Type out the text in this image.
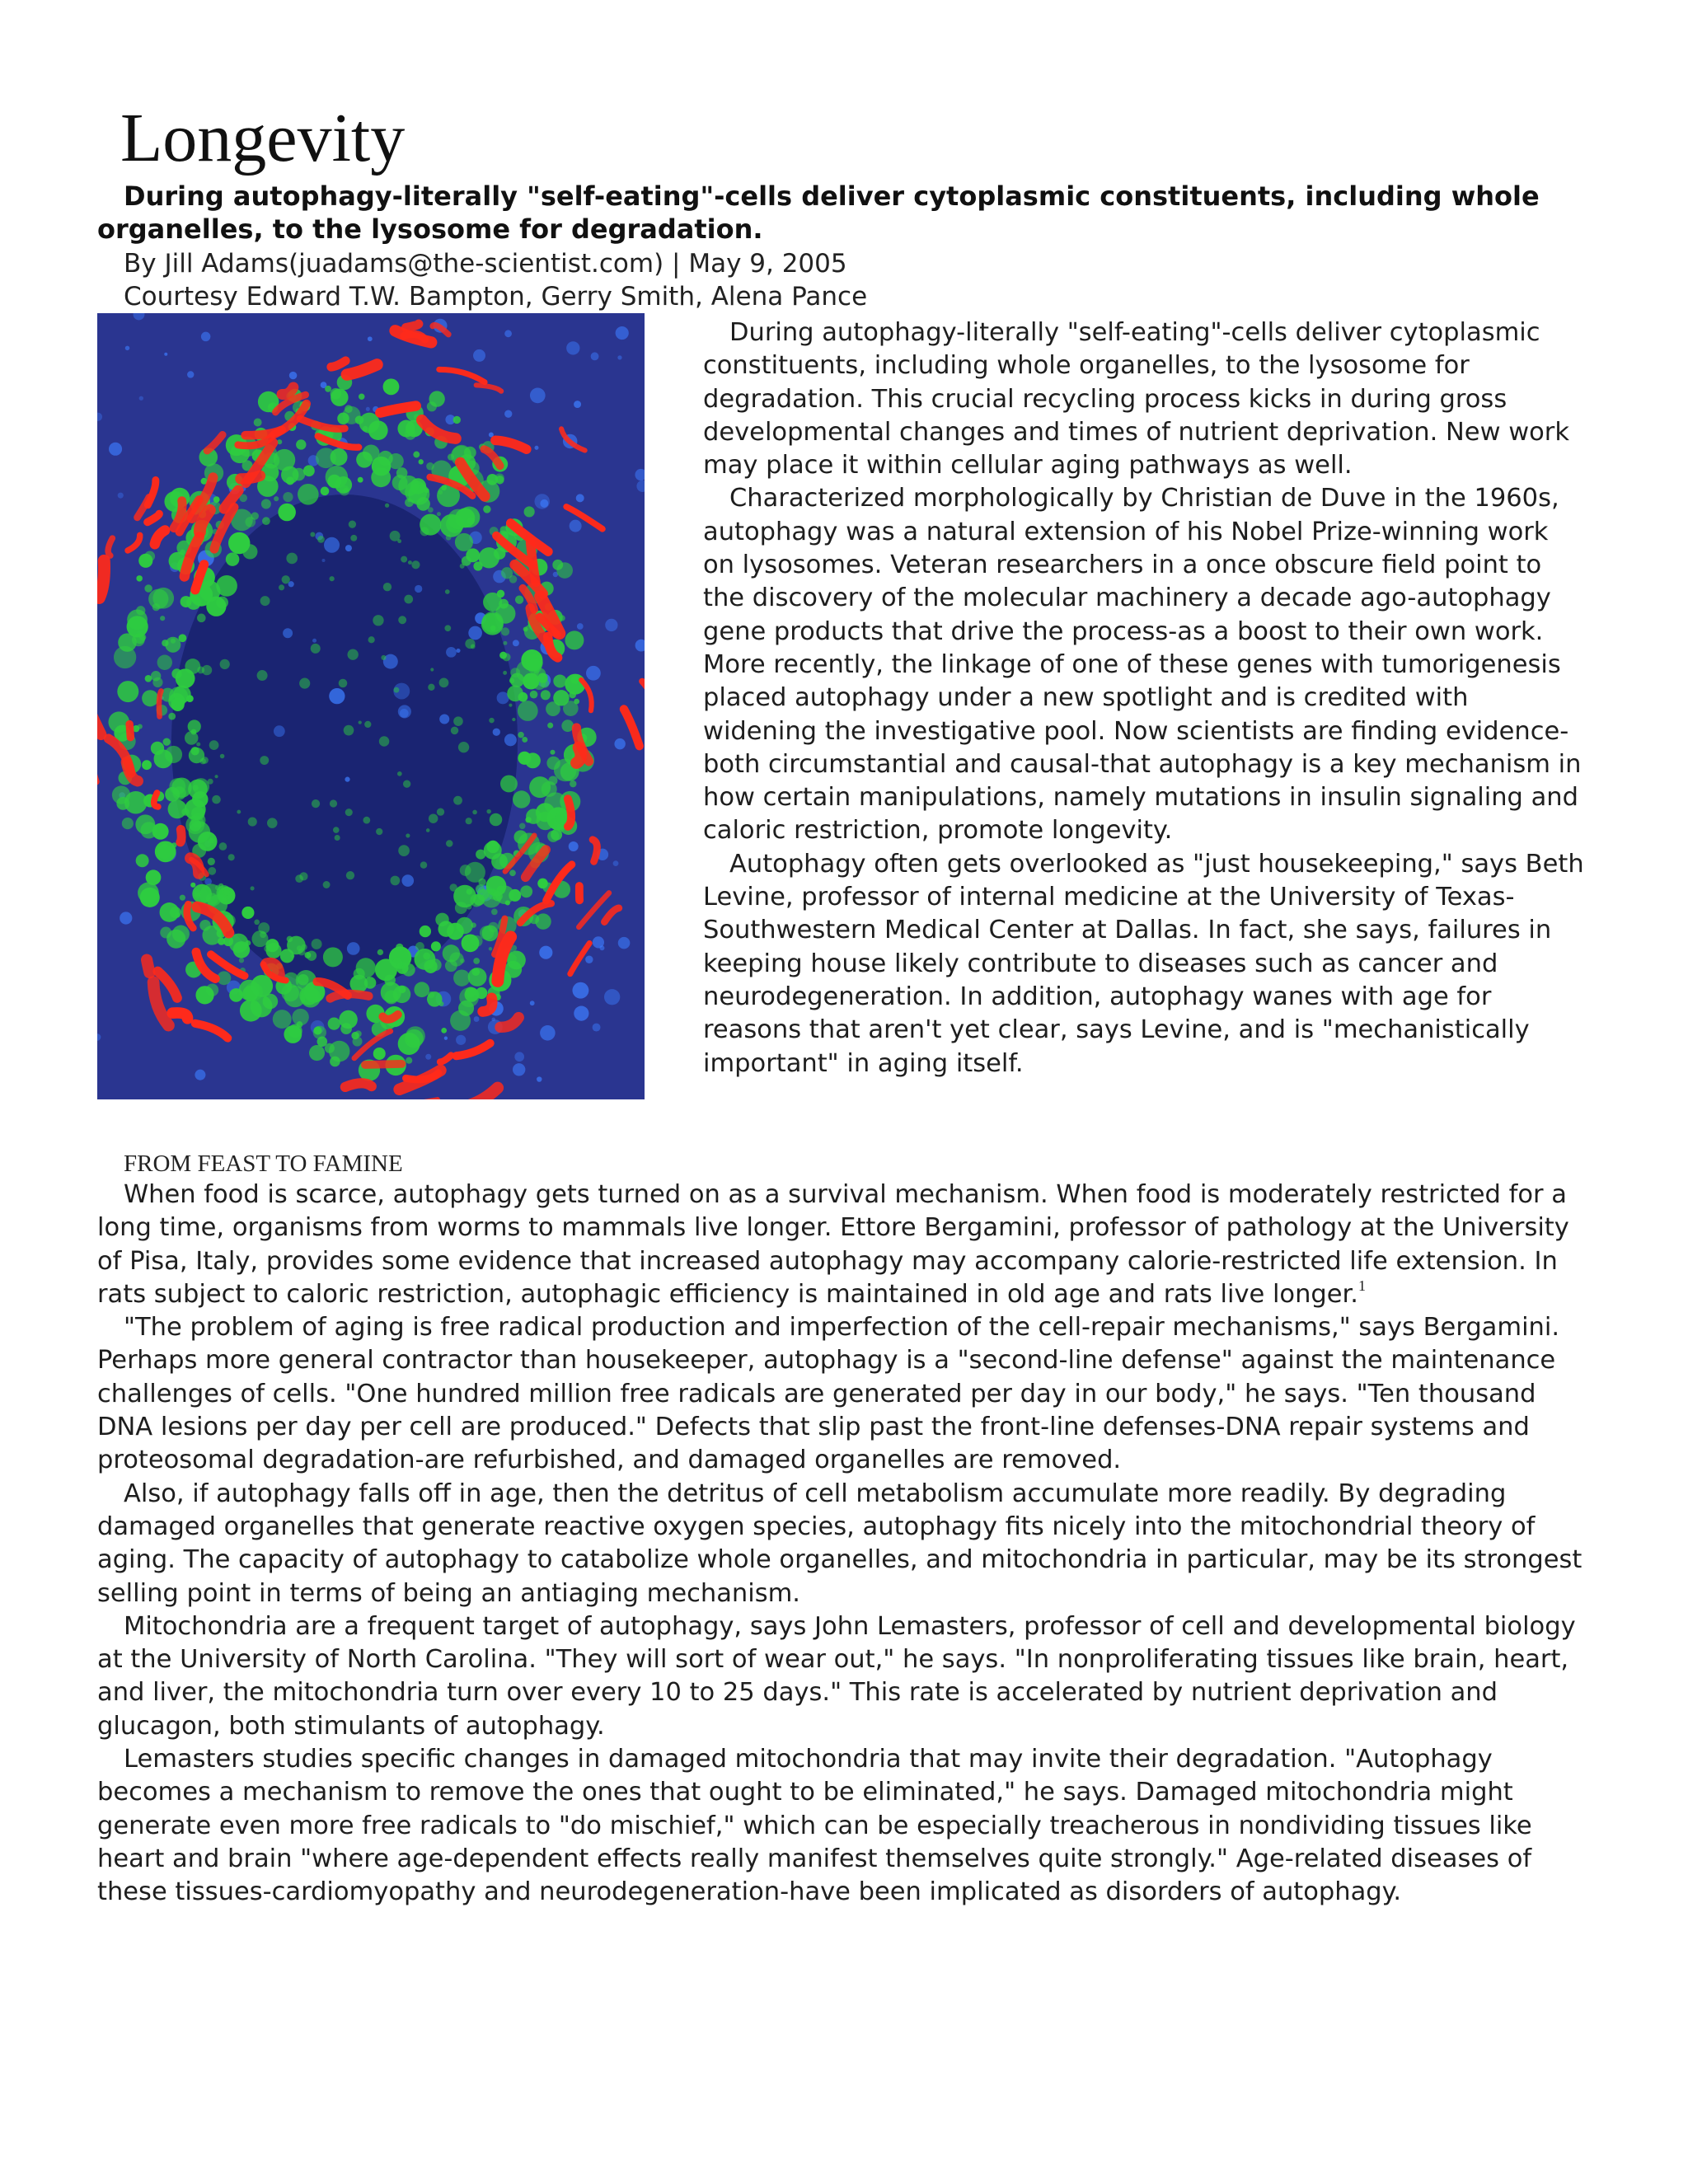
Longevity
During autophagy-literally "self-eating"-cells deliver cytoplasmic constituents, including whole organelles, to the lysosome for degradation.
By Jill Adams(juadams@the-scientist.com) | May 9, 2005
Courtesy Edward T.W. Bampton, Gerry Smith, Alena Pance

During autophagy-literally "self-eating"-cells deliver cytoplasmic constituents, including whole organelles, to the lysosome for degradation. This crucial recycling process kicks in during gross developmental changes and times of nutrient deprivation. New work may place it within cellular aging pathways as well.

Characterized morphologically by Christian de Duve in the 1960s, autophagy was a natural extension of his Nobel Prize-winning work on lysosomes. Veteran researchers in a once obscure field point to the discovery of the molecular machinery a decade ago-autophagy gene products that drive the process-as a boost to their own work. More recently, the linkage of one of these genes with tumorigenesis placed autophagy under a new spotlight and is credited with widening the investigative pool. Now scientists are finding evidence-both circumstantial and causal-that autophagy is a key mechanism in how certain manipulations, namely mutations in insulin signaling and caloric restriction, promote longevity.

Autophagy often gets overlooked as "just housekeeping," says Beth Levine, professor of internal medicine at the University of Texas-Southwestern Medical Center at Dallas. In fact, she says, failures in keeping house likely contribute to diseases such as cancer and neurodegeneration. In addition, autophagy wanes with age for reasons that aren't yet clear, says Levine, and is "mechanistically important" in aging itself.

FROM FEAST TO FAMINE

When food is scarce, autophagy gets turned on as a survival mechanism. When food is moderately restricted for a long time, organisms from worms to mammals live longer. Ettore Bergamini, professor of pathology at the University of Pisa, Italy, provides some evidence that increased autophagy may accompany calorie-restricted life extension. In rats subject to caloric restriction, autophagic efficiency is maintained in old age and rats live longer.$^1$

"The problem of aging is free radical production and imperfection of the cell-repair mechanisms," says Bergamini. Perhaps more general contractor than housekeeper, autophagy is a "second-line defense" against the maintenance challenges of cells. "One hundred million free radicals are generated per day in our body," he says. "Ten thousand DNA lesions per day per cell are produced." Defects that slip past the front-line defenses-DNA repair systems and proteosomal degradation-are refurbished, and damaged organelles are removed.

Also, if autophagy falls off in age, then the detritus of cell metabolism accumulate more readily. By degrading damaged organelles that generate reactive oxygen species, autophagy fits nicely into the mitochondrial theory of aging. The capacity of autophagy to catabolize whole organelles, and mitochondria in particular, may be its strongest selling point in terms of being an antiaging mechanism.

Mitochondria are a frequent target of autophagy, says John Lemasters, professor of cell and developmental biology at the University of North Carolina. "They will sort of wear out," he says. "In nonproliferating tissues like brain, heart, and liver, the mitochondria turn over every 10 to 25 days." This rate is accelerated by nutrient deprivation and glucagon, both stimulants of autophagy.

Lemasters studies specific changes in damaged mitochondria that may invite their degradation. "Autophagy becomes a mechanism to remove the ones that ought to be eliminated," he says. Damaged mitochondria might generate even more free radicals to "do mischief," which can be especially treacherous in nondividing tissues like heart and brain "where age-dependent effects really manifest themselves quite strongly." Age-related diseases of these tissues-cardiomyopathy and neurodegeneration-have been implicated as disorders of autophagy.
